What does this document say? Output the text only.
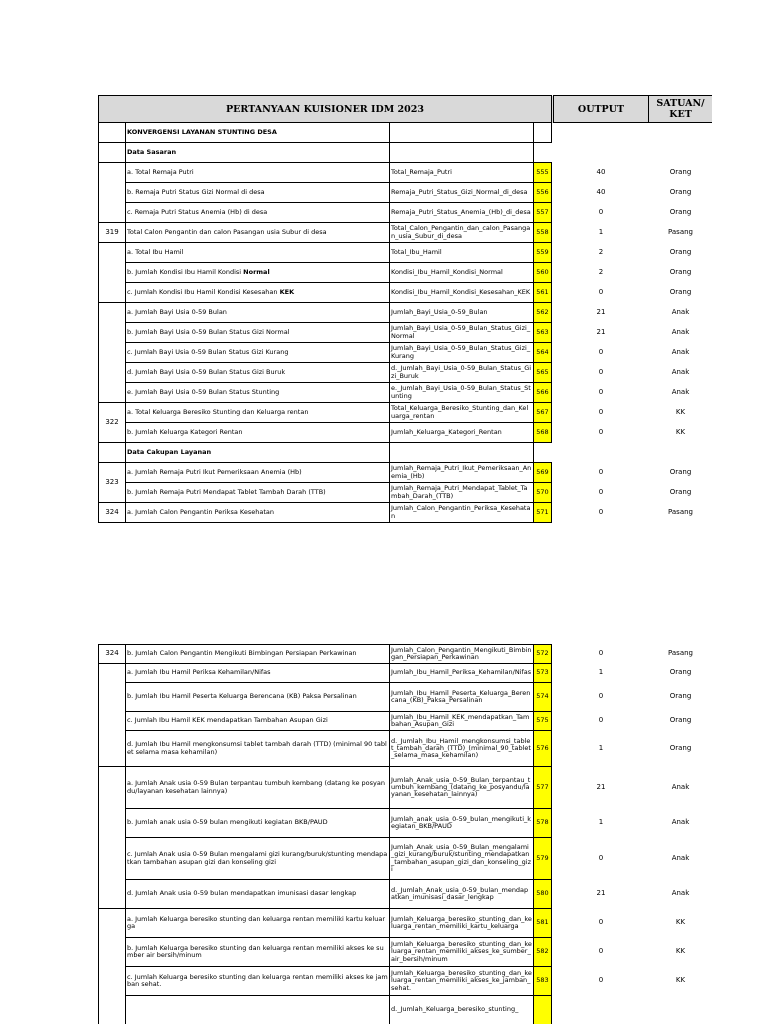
PERTANYAAN KUISIONER IDM 2023					OUTPUT	SATUAN/
KET
	KONVERGENSI LAYANAN STUNTING DESA					
	Data Sasaran					
	a. Total Remaja Putri	Total_Remaja_Putri	555		40	Orang
	b. Remaja Putri Status Gizi Normal di desa	Remaja_Putri_Status_Gizi_Normal_di_desa	556		40	Orang
	c. Remaja Putri Status Anemia (Hb) di desa	Remaja_Putri_Status_Anemia_(Hb)_di_desa	557		0	Orang
319	Total Calon Pengantin dan calon Pasangan usia Subur di desa	Total_Calon_Pengantin_dan_calon_Pasangan_usia_Subur_di_desa	558		1	Pasang
	a. Total Ibu Hamil	Total_Ibu_Hamil	559		2	Orang
	b. Jumlah Kondisi Ibu Hamil Kondisi Normal	Kondisi_Ibu_Hamil_Kondisi_Normal	560		2	Orang
	c. Jumlah Kondisi Ibu Hamil Kondisi Kesesahan KEK	Kondisi_Ibu_Hamil_Kondisi_Kesesahan_KEK	561		0	Orang
	a. Jumlah Bayi Usia 0-59 Bulan	Jumlah_Bayi_Usia_0-59_Bulan	562		21	Anak
	b. Jumlah Bayi Usia 0-59 Bulan Status Gizi Normal	Jumlah_Bayi_Usia_0-59_Bulan_Status_Gizi_Normal	563		21	Anak
	c. Jumlah Bayi Usia 0-59 Bulan Status Gizi Kurang	Jumlah_Bayi_Usia_0-59_Bulan_Status_Gizi_Kurang	564		0	Anak
	d. Jumlah Bayi Usia 0-59 Bulan Status Gizi Buruk	d._Jumlah_Bayi_Usia_0-59_Bulan_Status_Gizi_Buruk	565		0	Anak
	e. Jumlah Bayi Usia 0-59 Bulan Status Stunting	e._Jumlah_Bayi_Usia_0-59_Bulan_Status_Stunting	566		0	Anak
322	a. Total Keluarga Beresiko Stunting dan Keluarga rentan	Total_Keluarga_Beresiko_Stunting_dan_Keluarga_rentan	567		0	KK
	b. Jumlah Keluarga Kategori Rentan	Jumlah_Keluarga_Kategori_Rentan	568		0	KK
	Data Cakupan Layanan					
323	a. Jumlah Remaja Putri Ikut Pemeriksaan Anemia (Hb)	Jumlah_Remaja_Putri_Ikut_Pemeriksaan_Anemia_(Hb)	569		0	Orang
	b. Jumlah Remaja Putri Mendapat Tablet Tambah Darah (TTB)	Jumlah_Remaja_Putri_Mendapat_Tablet_Tambah_Darah_(TTB)	570		0	Orang
324	a. Jumlah Calon Pengantin Periksa Kesehatan	Jumlah_Calon_Pengantin_Periksa_Kesehatan	571		0	Pasang
324	b. Jumlah Calon Pengantin Mengikuti Bimbingan Persiapan Perkawinan	Jumlah_Calon_Pengantin_Mengikuti_Bimbingan_Persiapan_Perkawinan	572		0	Pasang
	a. Jumlah Ibu Hamil Periksa Kehamilan/Nifas	Jumlah_Ibu_Hamil_Periksa_Kehamilan/Nifas	573		1	Orang
	b. Jumlah Ibu Hamil Peserta Keluarga Berencana (KB) Paksa Persalinan	Jumlah_Ibu_Hamil_Peserta_Keluarga_Berencana_(KB)_Paksa_Persalinan	574		0	Orang
	c. Jumlah Ibu Hamil KEK mendapatkan Tambahan Asupan Gizi	Jumlah_Ibu_Hamil_KEK_mendapatkan_Tambahan_Asupan_Gizi	575		0	Orang
	d. Jumlah Ibu Hamil mengkonsumsi tablet tambah darah (TTD) (minimal 90 tablet selama masa kehamilan)	d._Jumlah_Ibu_Hamil_mengkonsumsi_tablet_tambah_darah_(TTD)_(minimal_90_tablet_selama_masa_kehamilan)	576		1	Orang
	a. Jumlah Anak usia 0-59 Bulan terpantau tumbuh kembang (datang ke posyandu/layanan kesehatan lainnya)	Jumlah_Anak_usia_0-59_Bulan_terpantau_tumbuh_kembang_(datang_ke_posyandu/layanan_kesehatan_lainnya)	577		21	Anak
	b. Jumlah anak usia 0-59 bulan mengikuti kegiatan BKB/PAUD	Jumlah_anak_usia_0-59_bulan_mengikuti_kegiatan_BKB/PAUD	578		1	Anak
	c. Jumlah Anak usia 0-59 Bulan mengalami gizi kurang/buruk/stunting mendapatkan tambahan asupan gizi dan konseling gizi	Jumlah_Anak_usia_0-59_Bulan_mengalami_gizi_kurang/buruk/stunting_mendapatkan_tambahan_asupan_gizi_dan_konseling_gizi	579		0	Anak
	d. Jumlah Anak usia 0-59 bulan mendapatkan imunisasi dasar lengkap	d._Jumlah_Anak_usia_0-59_bulan_mendapatkan_imunisasi_dasar_lengkap	580		21	Anak
	a. Jumlah Keluarga beresiko stunting dan keluarga rentan memiliki kartu keluarga	Jumlah_Keluarga_beresiko_stunting_dan_keluarga_rentan_memiliki_kartu_keluarga	581		0	KK
	b. Jumlah Keluarga beresiko stunting dan keluarga rentan memiliki akses ke sumber air bersih/minum	Jumlah_Keluarga_beresiko_stunting_dan_keluarga_rentan_memiliki_akses_ke_sumber_air_bersih/minum	582		0	KK
	c. Jumlah Keluarga beresiko stunting dan keluarga rentan memiliki akses ke jamban sehat.	Jumlah_Keluarga_beresiko_stunting_dan_keluarga_rentan_memiliki_akses_ke_jamban_sehat.	583		0	KK
		d._Jumlah_Keluarga_beresiko_stunting_				
